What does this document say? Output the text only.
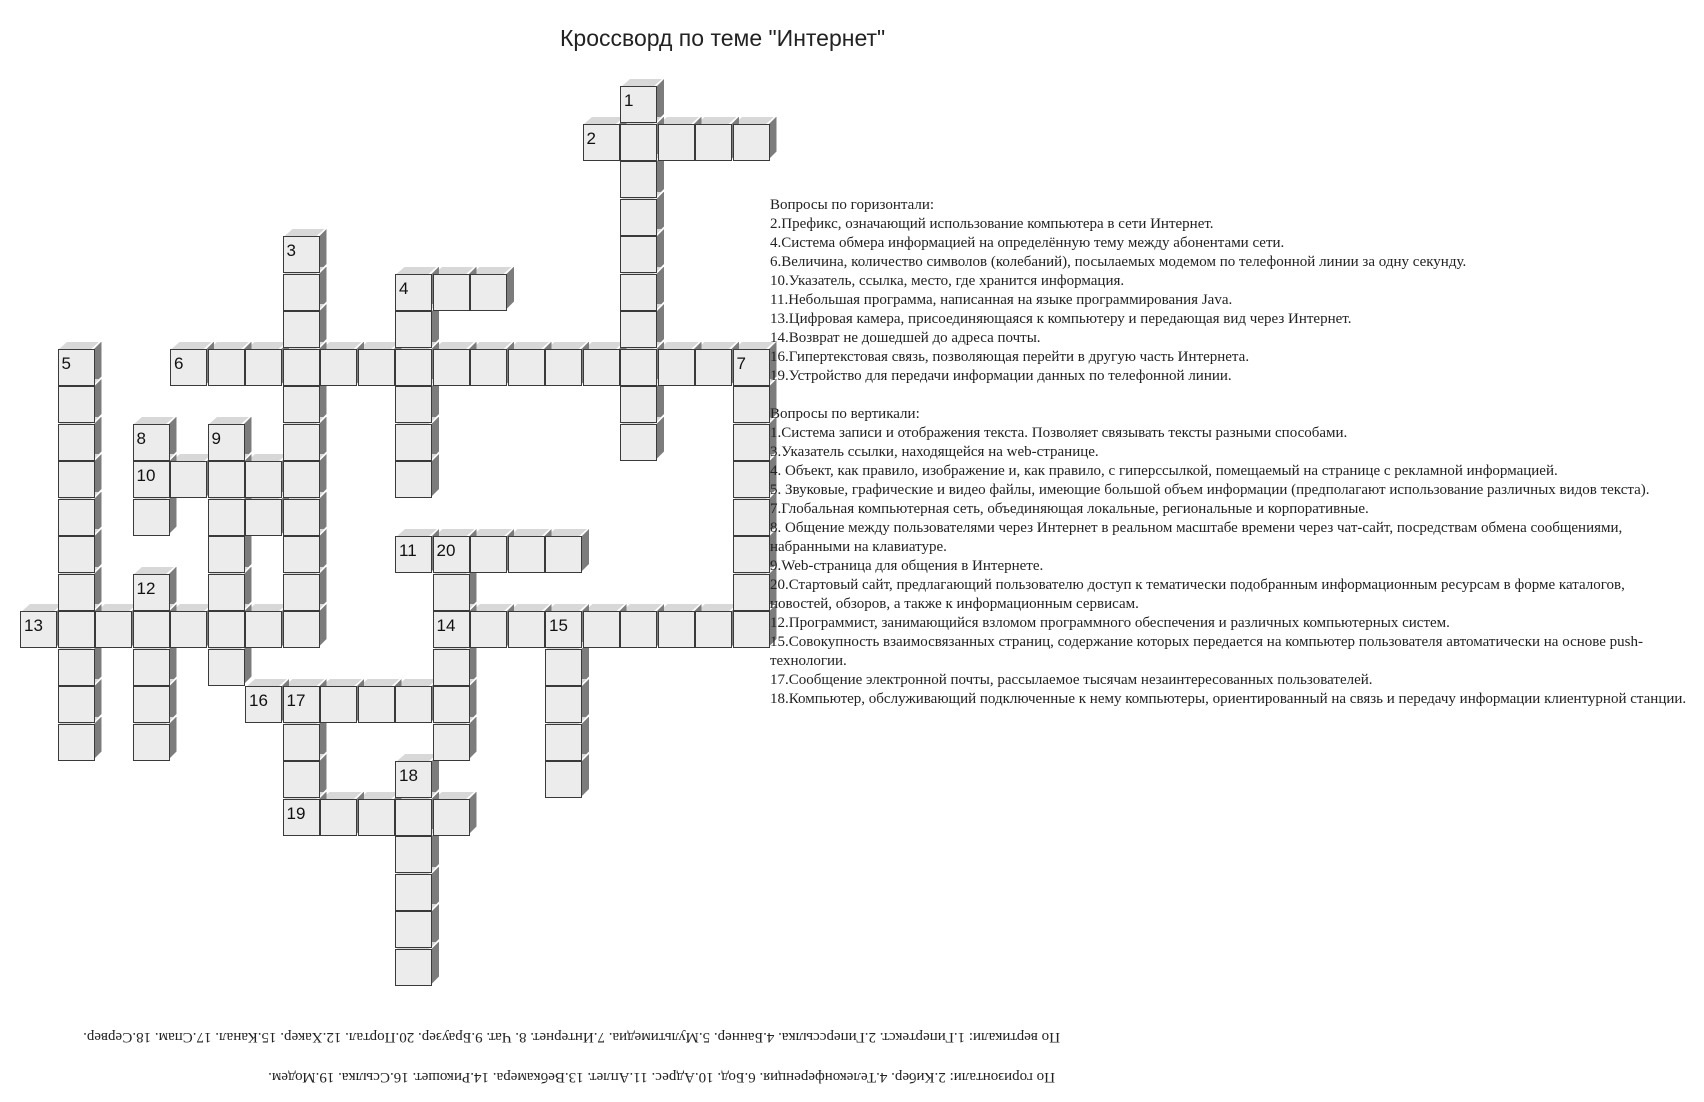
Кроссворд по теме "Интернет"
1
2
3
4
5	6	7
8	9
10
11 20
12
13	14	15
16 17
18
19
Вопросы по горизонтали:
2.Префикс, означающий использование компьютера в сети Интернет.
4.Система обмера информацией на определённую тему между абонентами сети.
6.Величина, количество символов (колебаний), посылаемых модемом по телефонной линии за одну секунду.
10.Указатель, ссылка, место, где хранится информация.
11.Небольшая программа, написанная на языке программирования Java.
13.Цифровая камера, присоединяющаяся к компьютеру и передающая вид через Интернет.
14.Возврат не дошедшей до адреса почты.
16.Гипертекстовая связь, позволяющая перейти в другую часть Интернета.
19.Устройство для передачи информации данных по телефонной линии.
Вопросы по вертикали:
1.Система записи и отображения текста. Позволяет связывать тексты разными способами.
3.Указатель ссылки, находящейся на web-странице.
4. Объект, как правило, изображение и, как правило, с гиперссылкой, помещаемый на странице с рекламной информацией.
5. Звуковые, графические и видео файлы, имеющие большой объем информации (предполагают использование различных видов текста).
7.Глобальная компьютерная сеть, объединяющая локальные, региональные и корпоративные.
8. Общение между пользователями через Интернет в реальном масштабе времени через чат-сайт, посредствам обмена сообщениями, набранными на клавиатуре.
9.Web-страница для общения в Интернете.
20.Стартовый сайт, предлагающий пользователю доступ к тематически подобранным информационным ресурсам в форме каталогов, новостей, обзоров, а также к информационным сервисам.
12.Программист, занимающийся взломом программного обеспечения и различных компьютерных систем.
15.Совокупность взаимосвязанных страниц, содержание которых передается на компьютер пользователя автоматически на основе push-технологии.
17.Сообщение электронной почты, рассылаемое тысячам незаинтересованных пользователей.
18.Компьютер, обслуживающий подключенные к нему компьютеры, ориентированный на связь и передачу информации клиентурной станции.
По вертикали: 1.Гипертекст. 2.Гиперссылка. 4.Баннер. 5.Мультимедиа. 7.Интернет. 8. Чат. 9.Браузер. 20.Портал. 12.Хакер. 15.Канал. 17.Спам. 18.Сервер.
По горизонтали: 2.Кибер. 4.Телеконференция. 6.Бод. 10.Адрес. 11.Аплет. 13.Вебкамера. 14.Рикошет. 16.Ссылка. 19.Модем.
